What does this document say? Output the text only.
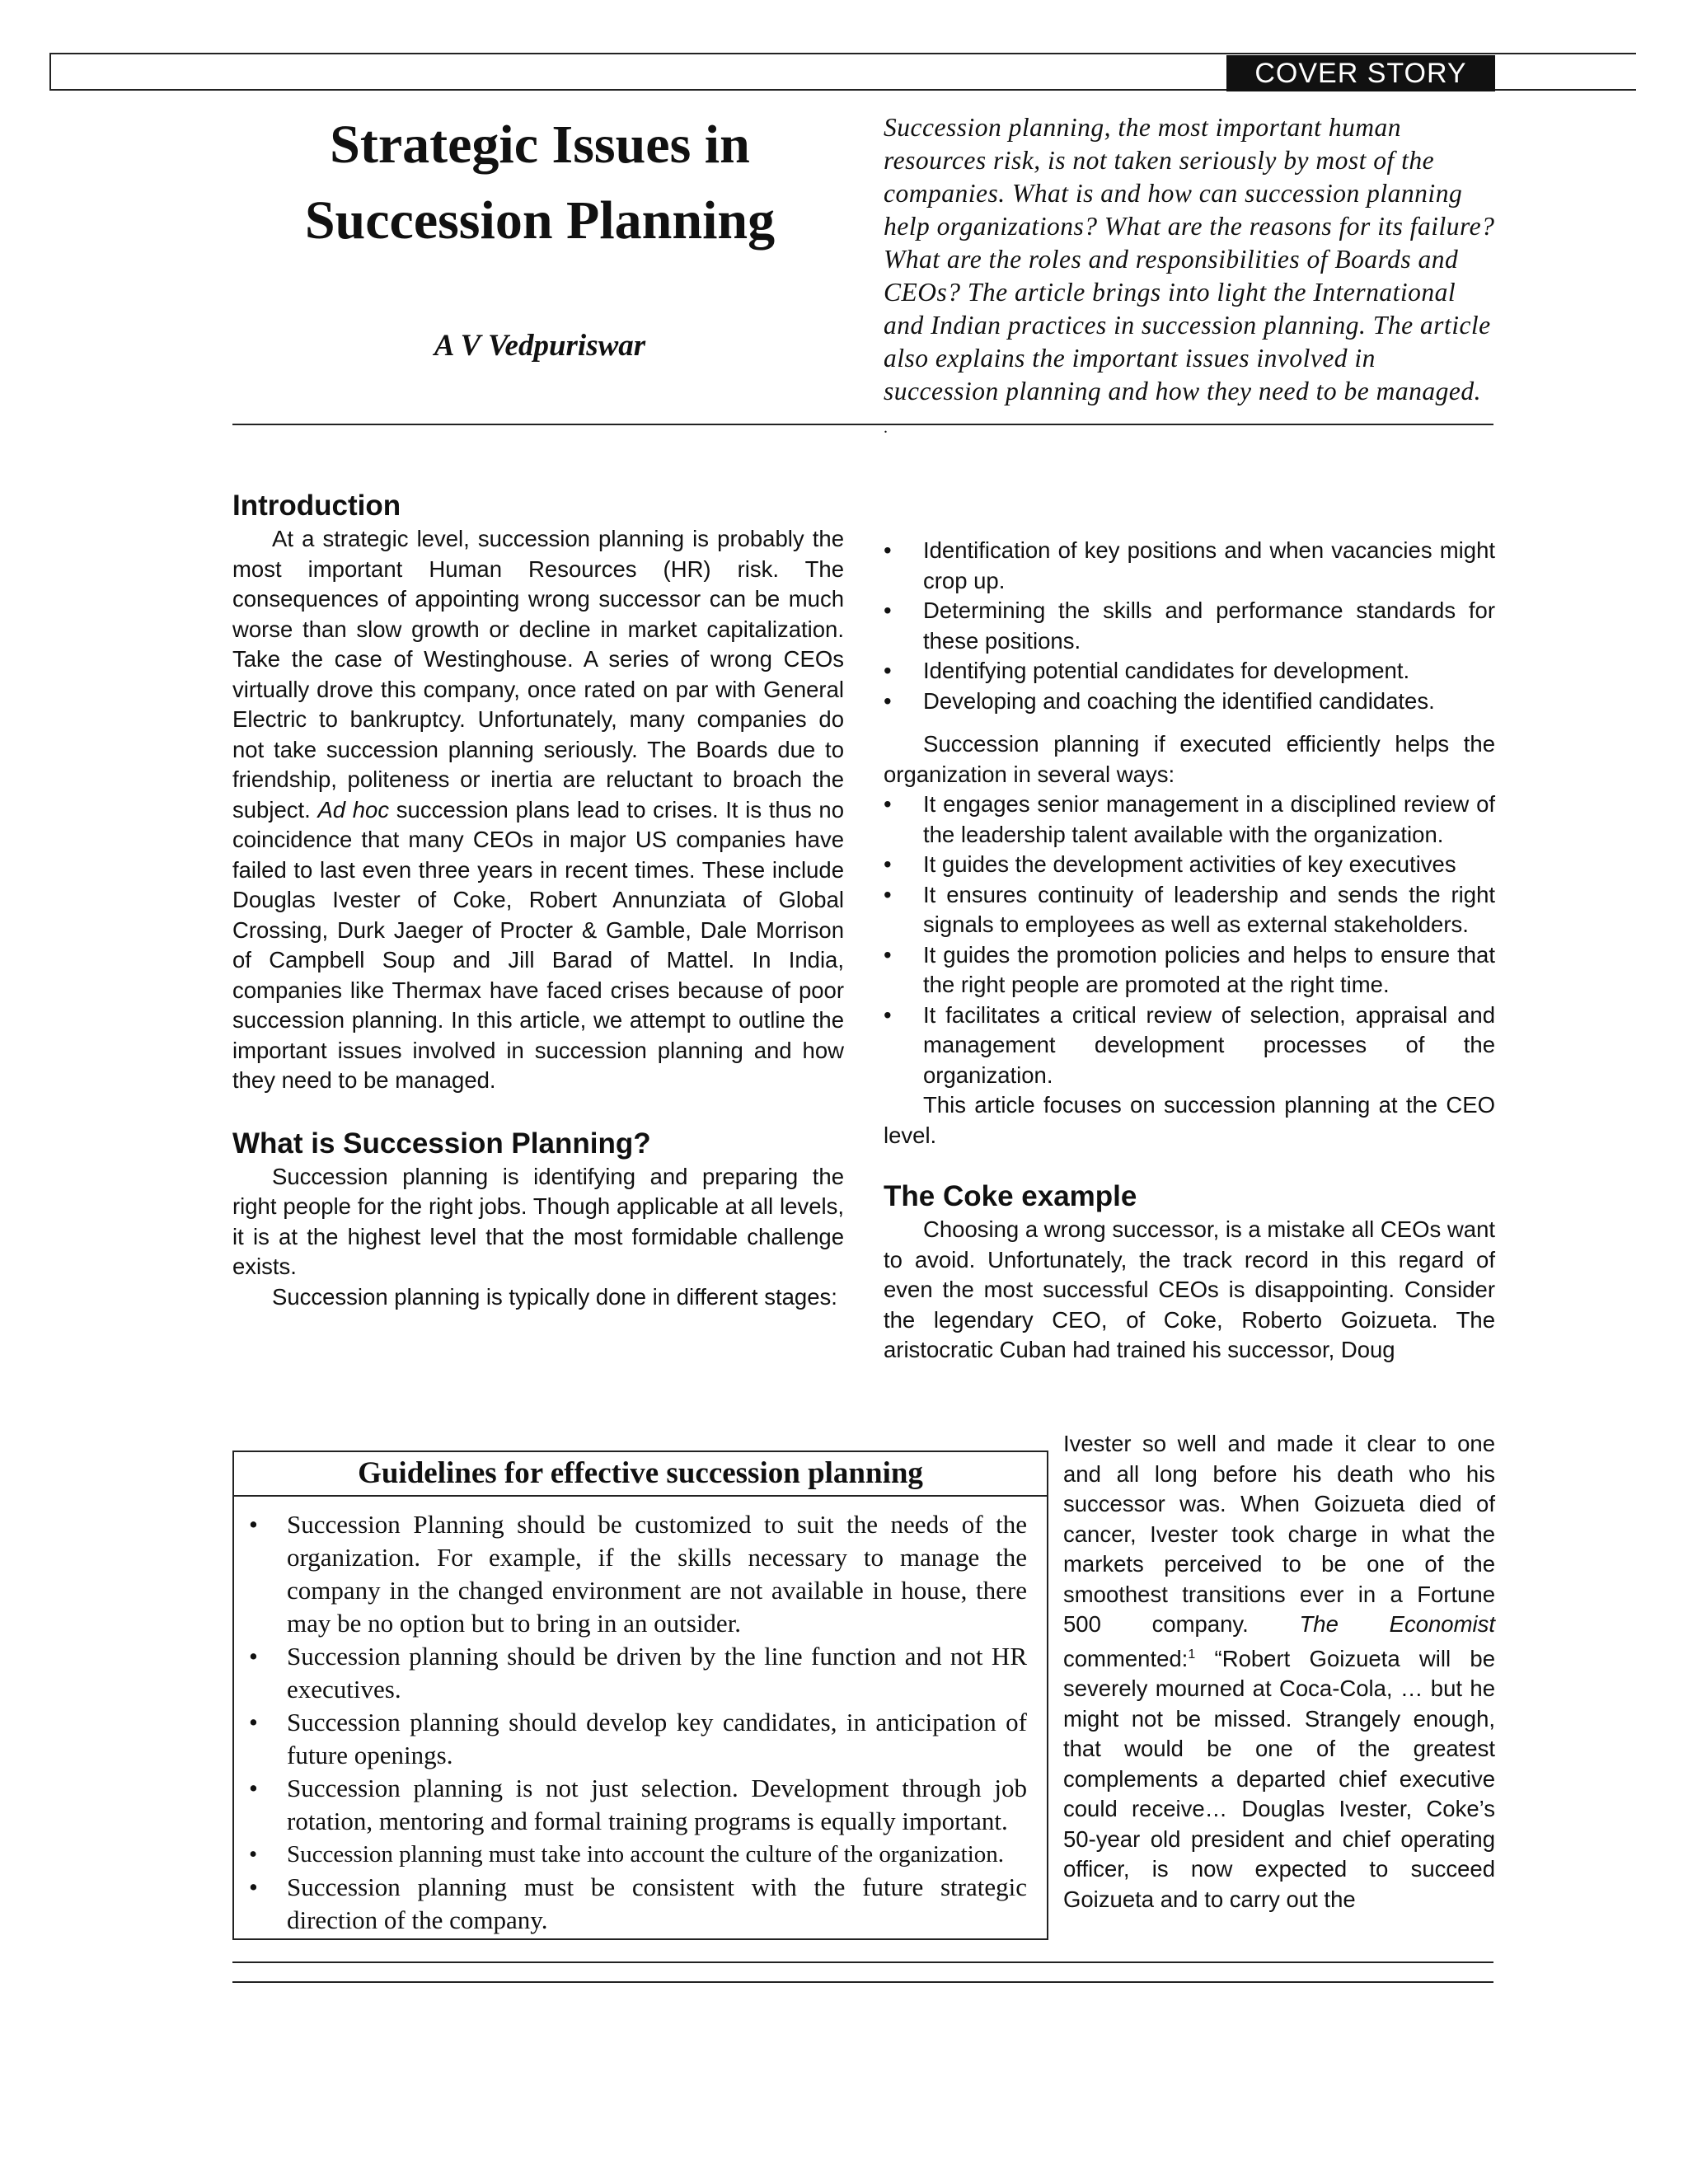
COVER STORY
Strategic Issues in Succession Planning

A V Vedpuriswar

Succession planning, the most important human resources risk, is not taken seriously by most of the companies. What is and how can succession planning help organizations? What are the reasons for its failure? What are the roles and responsibilities of Boards and CEOs? The article brings into light the International and Indian practices in succession planning. The article also explains the important issues involved in succession planning and how they need to be managed.

.
Introduction

At a strategic level, succession planning is probably the most important Human Resources (HR) risk. The consequences of appointing wrong successor can be much worse than slow growth or decline in market capitalization. Take the case of Westinghouse. A series of wrong CEOs virtually drove this company, once rated on par with General Electric to bankruptcy. Unfortunately, many companies do not take succession planning seriously. The Boards due to friendship, politeness or inertia are reluctant to broach the subject. Ad hoc succession plans lead to crises. It is thus no coincidence that many CEOs in major US companies have failed to last even three years in recent times. These include Douglas Ivester of Coke, Robert Annunziata of Global Crossing, Durk Jaeger of Procter & Gamble, Dale Morrison of Campbell Soup and Jill Barad of Mattel. In India, companies like Thermax have faced crises because of poor succession planning. In this article, we attempt to outline the important issues involved in succession planning and how they need to be managed.

What is Succession Planning?

Succession planning is identifying and preparing the right people for the right jobs. Though applicable at all levels, it is at the highest level that the most formidable challenge exists.

Succession planning is typically done in different stages:

• Identification of key positions and when vacancies might crop up.
• Determining the skills and performance standards for these positions.
• Identifying potential candidates for development.
• Developing and coaching the identified candidates.

Succession planning if executed efficiently helps the organization in several ways:

• It engages senior management in a disciplined review of the leadership talent available with the organization.
• It guides the development activities of key executives
• It ensures continuity of leadership and sends the right signals to employees as well as external stakeholders.
• It guides the promotion policies and helps to ensure that the right people are promoted at the right time.
• It facilitates a critical review of selection, appraisal and management development processes of the organization.

This article focuses on succession planning at the CEO level.

The Coke example

Choosing a wrong successor, is a mistake all CEOs want to avoid. Unfortunately, the track record in this regard of even the most successful CEOs is disappointing. Consider the legendary CEO, of Coke, Roberto Goizueta. The aristocratic Cuban had trained his successor, Doug

Ivester so well and made it clear to one and all long before his death who his successor was. When Goizueta died of cancer, Ivester took charge in what the markets perceived to be one of the smoothest transitions ever in a Fortune 500 company. The Economist commented:$^1$ “Robert Goizueta will be severely mourned at Coca-Cola, … but he might not be missed. Strangely enough, that would be one of the greatest complements a departed chief executive could receive… Douglas Ivester, Coke’s 50-year old president and chief operating officer, is now expected to succeed Goizueta and to carry out the

Guidelines for effective succession planning
• Succession Planning should be customized to suit the needs of the organization. For example, if the skills necessary to manage the company in the changed environment are not available in house, there may be no option but to bring in an outsider.
• Succession planning should be driven by the line function and not HR executives.
• Succession planning should develop key candidates, in anticipation of future openings.
• Succession planning is not just selection. Development through job rotation, mentoring and formal training programs is equally important.
• Succession planning must take into account the culture of the organization.
• Succession planning must be consistent with the future strategic direction of the company.
